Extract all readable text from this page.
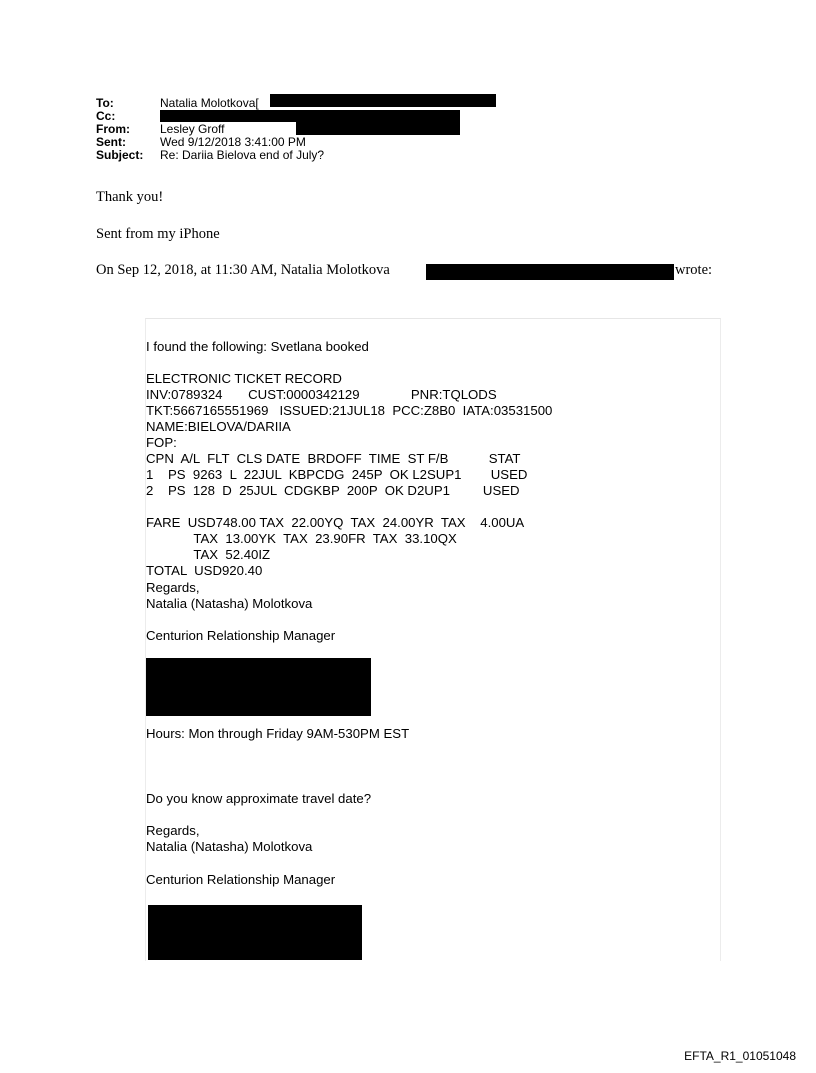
To:	Natalia Molotkova[
Cc:
From:	Lesley Groff
Sent:	Wed 9/12/2018 3:41:00 PM
Subject: Re: Dariia Bielova end of July?
Thank you!
Sent from my iPhone
On Sep 12, 2018, at 11:30 AM, Natalia Molotkova	wrote:
I found the following: Svetlana booked
ELECTRONIC TICKET RECORD
INV:0789324       CUST:0000342129              PNR:TQLODS
TKT:5667165551969   ISSUED:21JUL18  PCC:Z8B0  IATA:03531500
NAME:BIELOVA/DARIIA
FOP:
CPN  A/L  FLT  CLS DATE  BRDOFF  TIME  ST F/B           STAT
1    PS  9263  L  22JUL  KBPCDG  245P  OK L2SUP1        USED
2    PS  128  D  25JUL  CDGKBP  200P  OK D2UP1         USED
FARE  USD748.00 TAX  22.00YQ  TAX  24.00YR  TAX    4.00UA
TAX  13.00YK  TAX  23.90FR  TAX  33.10QX
TAX  52.40IZ
TOTAL  USD920.40
Regards,
Natalia (Natasha) Molotkova
Centurion Relationship Manager
Hours: Mon through Friday 9AM-530PM EST
Do you know approximate travel date?
Regards,
Natalia (Natasha) Molotkova
Centurion Relationship Manager
EFTA_R1_01051048
